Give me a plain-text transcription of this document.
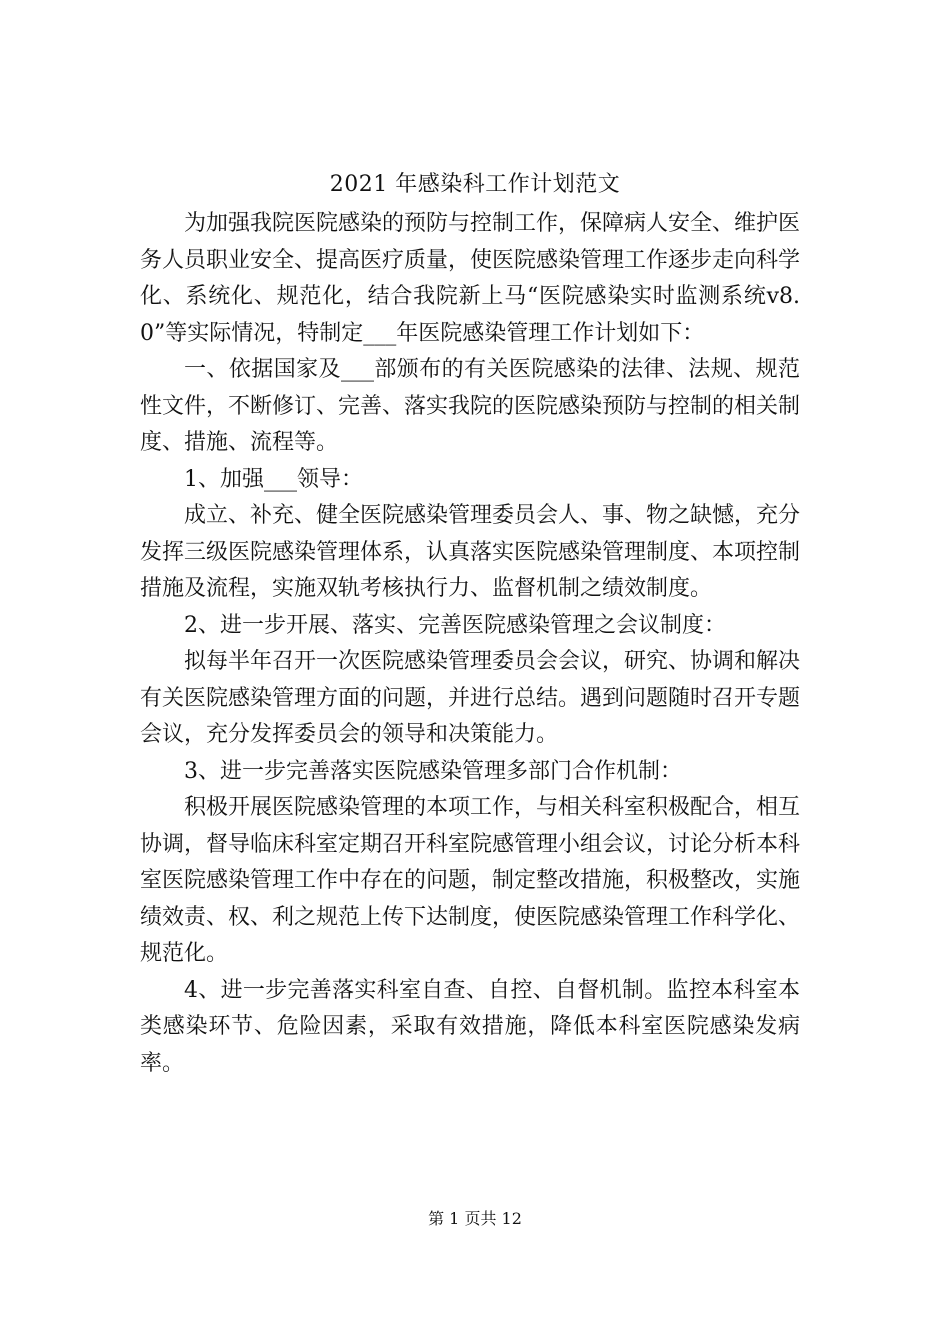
2021 年感染科工作计划范文

为加强我院医院感染的预防与控制工作，保障病人安全、维护医务人员职业安全、提高医疗质量，使医院感染管理工作逐步走向科学化、系统化、规范化，结合我院新上马“医院感染实时监测系统v8.0”等实际情况，特制定___年医院感染管理工作计划如下：

一、依据国家及___部颁布的有关医院感染的法律、法规、规范性文件，不断修订、完善、落实我院的医院感染预防与控制的相关制度、措施、流程等。

1、加强___领导：

成立、补充、健全医院感染管理委员会人、事、物之缺憾，充分发挥三级医院感染管理体系，认真落实医院感染管理制度、本项控制措施及流程，实施双轨考核执行力、监督机制之绩效制度。

2、进一步开展、落实、完善医院感染管理之会议制度：

拟每半年召开一次医院感染管理委员会会议，研究、协调和解决有关医院感染管理方面的问题，并进行总结。遇到问题随时召开专题会议，充分发挥委员会的领导和决策能力。

3、进一步完善落实医院感染管理多部门合作机制：

积极开展医院感染管理的本项工作，与相关科室积极配合，相互协调，督导临床科室定期召开科室院感管理小组会议，讨论分析本科室医院感染管理工作中存在的问题，制定整改措施，积极整改，实施绩效责、权、利之规范上传下达制度，使医院感染管理工作科学化、规范化。

4、进一步完善落实科室自查、自控、自督机制。监控本科室本类感染环节、危险因素，采取有效措施，降低本科室医院感染发病率。

第 1 页共 12
